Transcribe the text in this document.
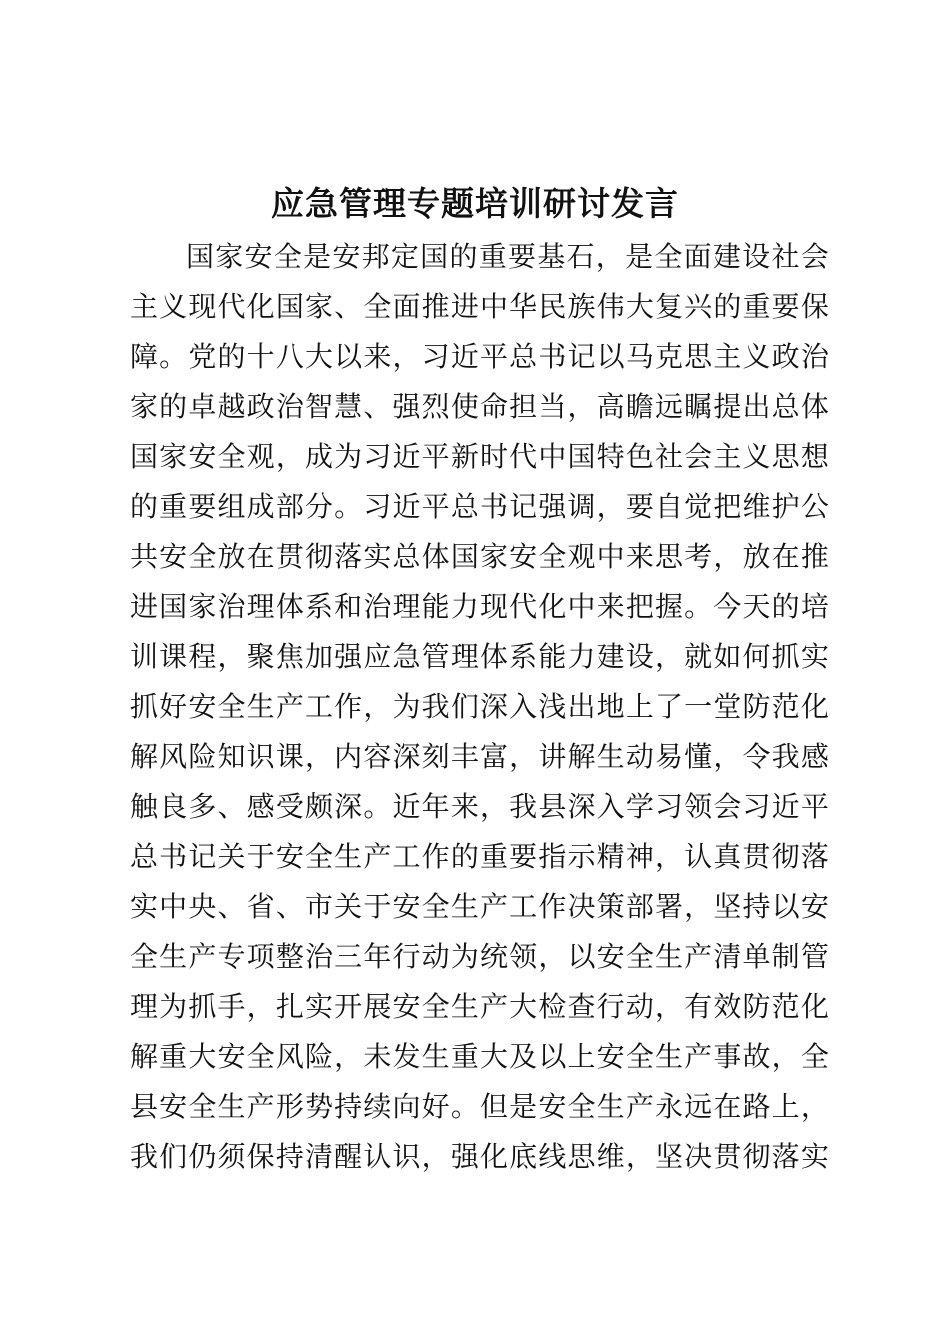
应急管理专题培训研讨发言
国家安全是安邦定国的重要基石，是全面建设社会
主义现代化国家、全面推进中华民族伟大复兴的重要保
障。党的十八大以来，习近平总书记以马克思主义政治
家的卓越政治智慧、强烈使命担当，高瞻远瞩提出总体
国家安全观，成为习近平新时代中国特色社会主义思想
的重要组成部分。习近平总书记强调，要自觉把维护公
共安全放在贯彻落实总体国家安全观中来思考，放在推
进国家治理体系和治理能力现代化中来把握。今天的培
训课程，聚焦加强应急管理体系能力建设，就如何抓实
抓好安全生产工作，为我们深入浅出地上了一堂防范化
解风险知识课，内容深刻丰富，讲解生动易懂，令我感
触良多、感受颇深。近年来，我县深入学习领会习近平
总书记关于安全生产工作的重要指示精神，认真贯彻落
实中央、省、市关于安全生产工作决策部署，坚持以安
全生产专项整治三年行动为统领，以安全生产清单制管
理为抓手，扎实开展安全生产大检查行动，有效防范化
解重大安全风险，未发生重大及以上安全生产事故，全
县安全生产形势持续向好。但是安全生产永远在路上，
我们仍须保持清醒认识，强化底线思维，坚决贯彻落实
